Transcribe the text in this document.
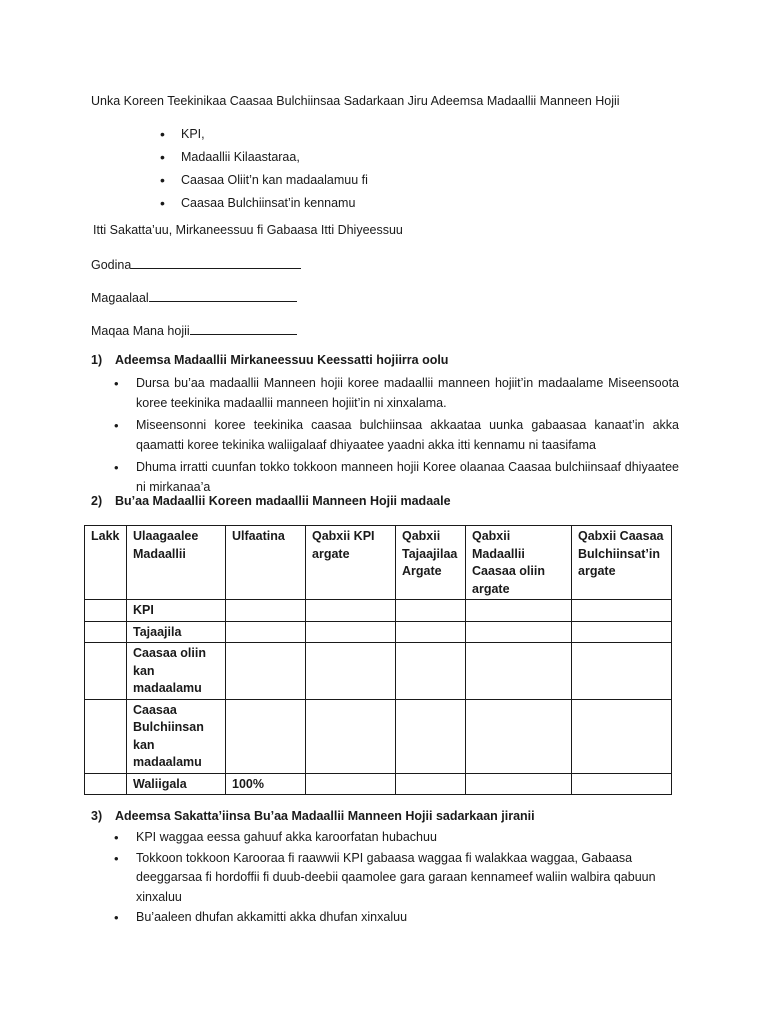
Unka Koreen Teekinikaa Caasaa Bulchiinsaa Sadarkaan Jiru Adeemsa Madaallii Manneen Hojii
• KPI,
• Madaallii Kilaastaraa,
• Caasaa Oliit’n kan madaalamuu fi
• Caasaa Bulchiinsat’in kennamu
Itti Sakatta’uu, Mirkaneessuu fi Gabaasa Itti Dhiyeessuu
Godina
Magaalaal
Maqaa Mana hojii
1) Adeemsa Madaallii Mirkaneessuu Keessatti hojiirra oolu
• Dursa bu’aa madaallii Manneen hojii koree madaallii manneen hojiit’in madaalame Miseensoota koree teekinika madaallii manneen hojiit’in ni xinxalama.
• Miseensonni koree teekinika caasaa bulchiinsaa akkaataa uunka gabaasaa kanaat’in akka qaamatti koree tekinika waliigalaaf dhiyaatee yaadni akka itti kennamu ni taasifama
• Dhuma irratti cuunfan tokko tokkoon manneen hojii Koree olaanaa Caasaa bulchiinsaaf dhiyaatee ni mirkanaa’a
2) Bu’aa Madaallii Koreen madaallii Manneen Hojii madaale
Lakk	Ulaagaalee Madaallii	Ulfaatina	Qabxii KPI argate	Qabxii Tajaajilaa Argate	Qabxii Madaallii Caasaa oliin argate	Qabxii Caasaa Bulchiinsat’in argate
	KPI					
	Tajaajila					
	Caasaa oliin kan madaalamu					
	Caasaa Bulchiinsan kan madaalamu					
	Waliigala	100%				
3) Adeemsa Sakatta’iinsa Bu’aa Madaallii Manneen Hojii sadarkaan jiranii
• KPI waggaa eessa gahuuf akka karoorfatan hubachuu
• Tokkoon tokkoon Karooraa fi raawwii KPI gabaasa waggaa fi walakkaa waggaa, Gabaasa deeggarsaa fi hordoffii fi duub-deebii qaamolee gara garaan kennameef waliin walbira qabuun xinxaluu
• Bu’aaleen dhufan akkamitti akka dhufan xinxaluu
